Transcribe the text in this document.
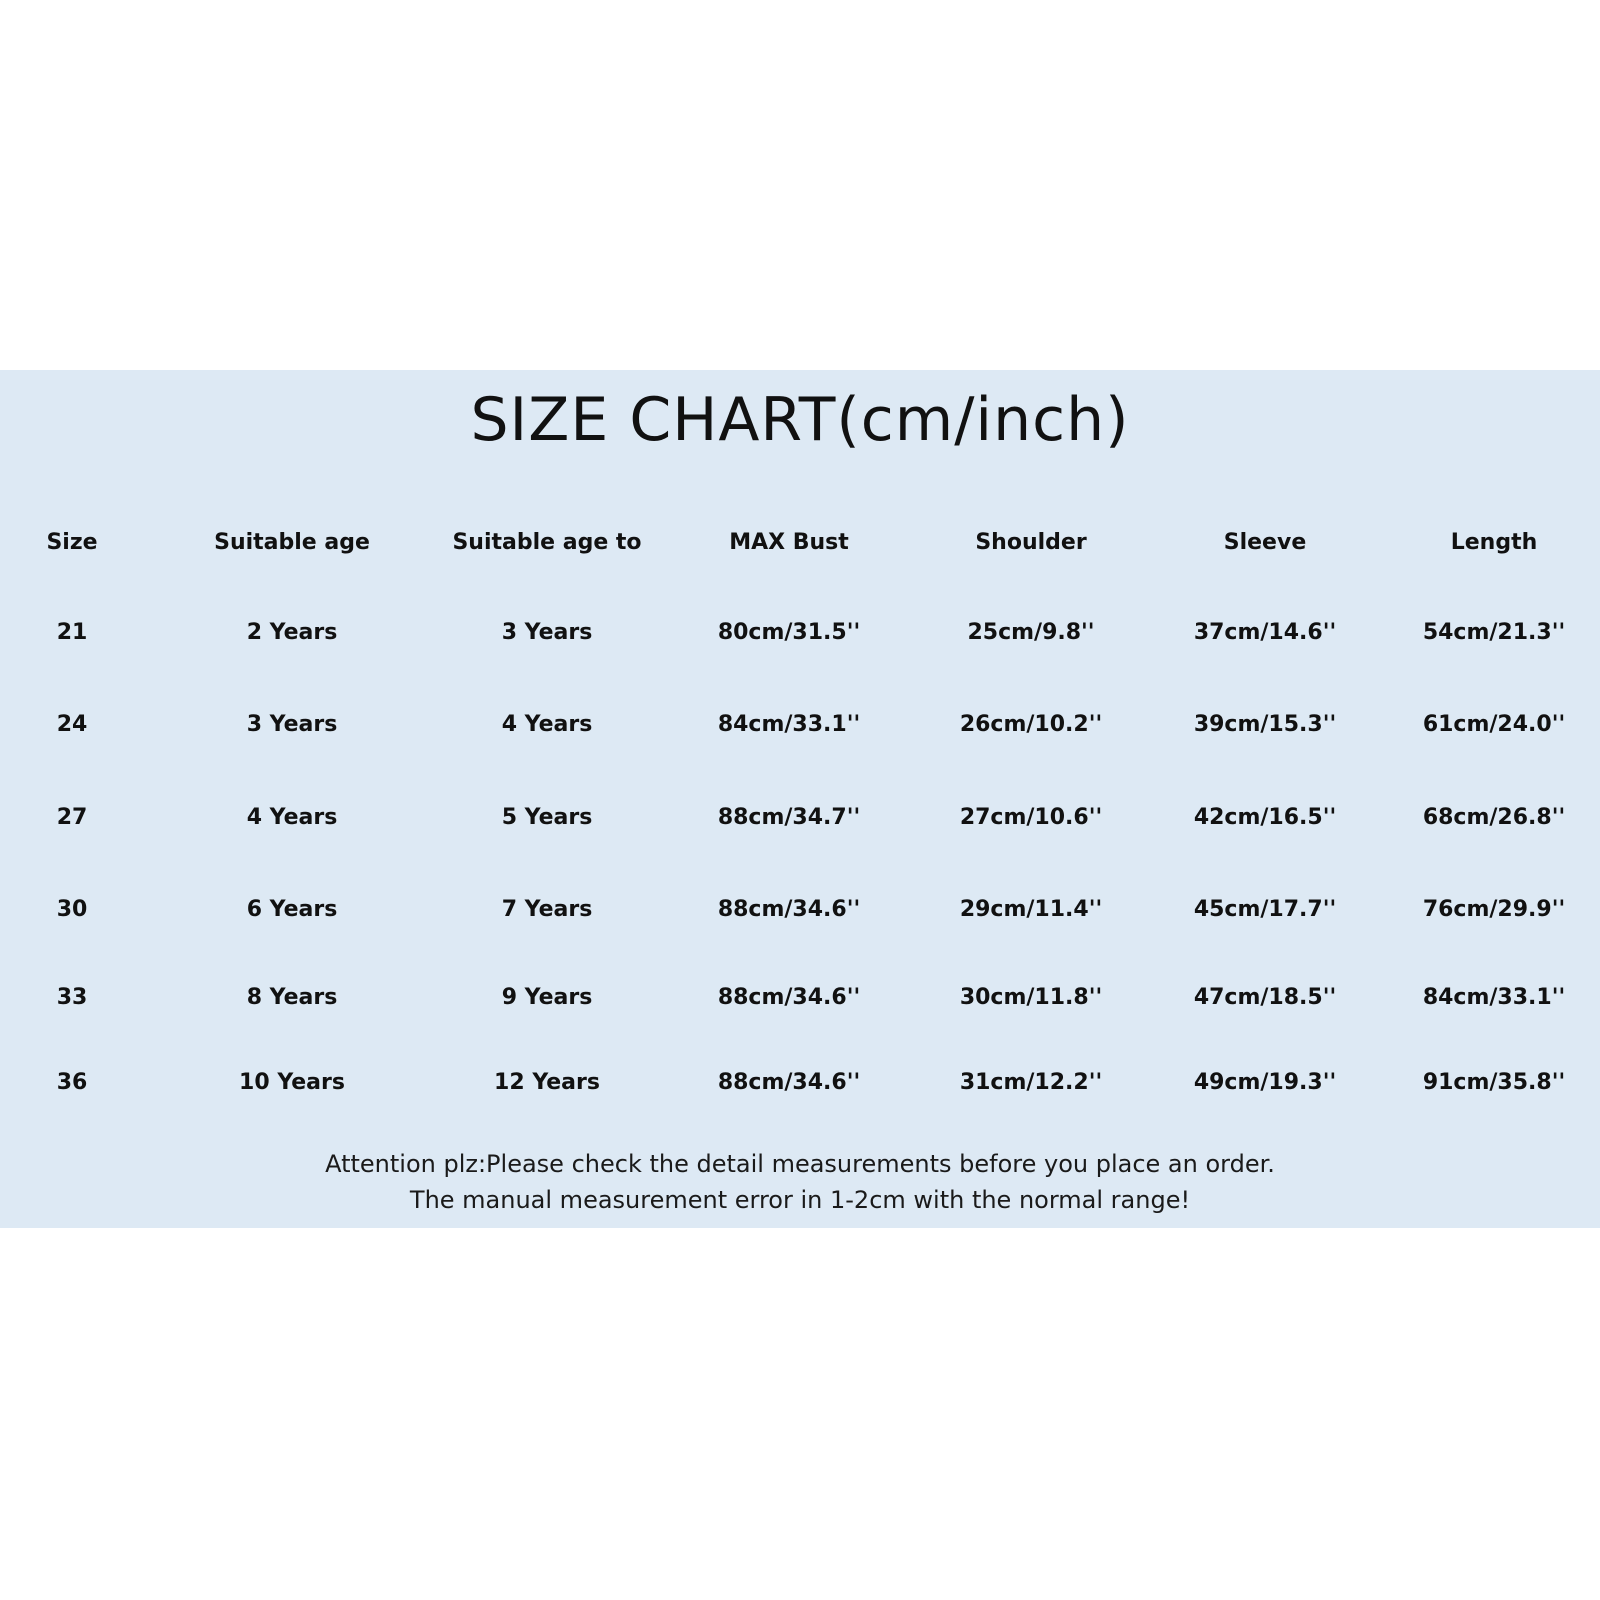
SIZE CHART(cm/inch)
Size	Suitable age	Suitable age to	MAX Bust	Shoulder	Sleeve	Length
21	2 Years	3 Years	80cm/31.5''	25cm/9.8''	37cm/14.6''	54cm/21.3''
24	3 Years	4 Years	84cm/33.1''	26cm/10.2''	39cm/15.3''	61cm/24.0''
27	4 Years	5 Years	88cm/34.7''	27cm/10.6''	42cm/16.5''	68cm/26.8''
30	6 Years	7 Years	88cm/34.6''	29cm/11.4''	45cm/17.7''	76cm/29.9''
33	8 Years	9 Years	88cm/34.6''	30cm/11.8''	47cm/18.5''	84cm/33.1''
36	10 Years	12 Years	88cm/34.6''	31cm/12.2''	49cm/19.3''	91cm/35.8''
Attention plz:Please check the detail measurements before you place an order.
The manual measurement error in 1-2cm with the normal range!
